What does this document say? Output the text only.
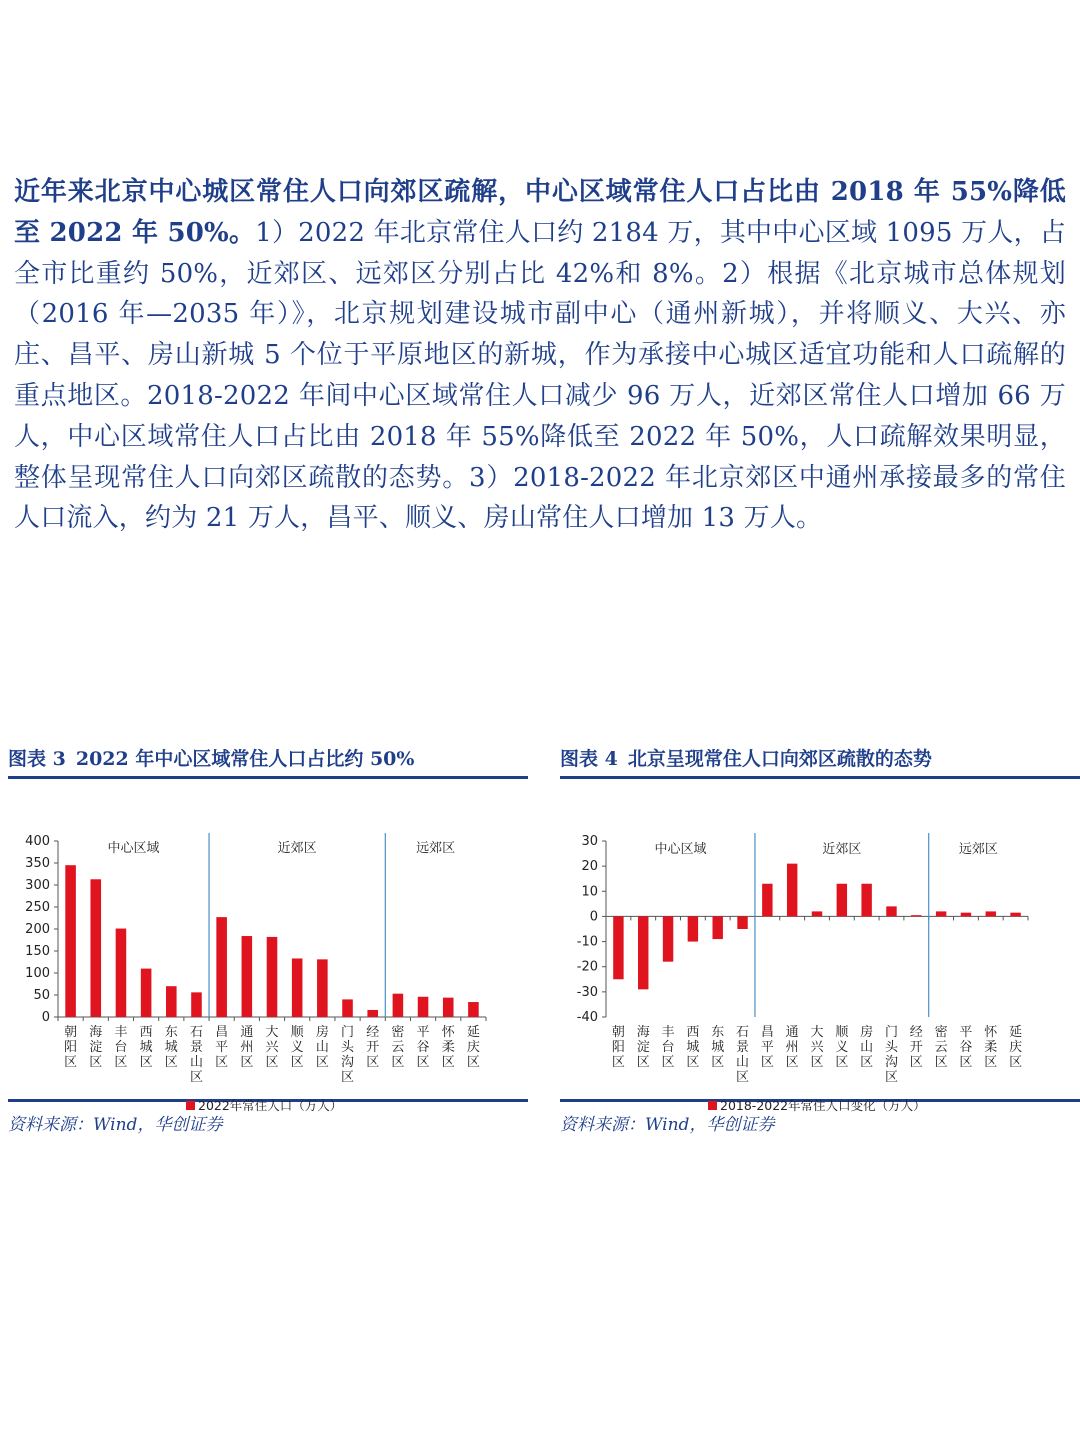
近年来北京中心城区常住人口向郊区疏解，中心区域常住人口占比由 2018 年 55%降低至 2022 年 50%。1）2022 年北京常住人口约 2184 万，其中中心区域 1095 万人，占全市比重约 50%，近郊区、远郊区分别占比 42%和 8%。2）根据《北京城市总体规划（2016 年—2035 年）》，北京规划建设城市副中心（通州新城），并将顺义、大兴、亦庄、昌平、房山新城 5 个位于平原地区的新城，作为承接中心城区适宜功能和人口疏解的重点地区。2018-2022 年间中心区域常住人口减少 96 万人，近郊区常住人口增加 66 万人，中心区域常住人口占比由 2018 年 55%降低至 2022 年 50%，人口疏解效果明显，整体呈现常住人口向郊区疏散的态势。3）2018-2022 年北京郊区中通州承接最多的常住人口流入，约为 21 万人，昌平、顺义、房山常住人口增加 13 万人。
图表 3 2022 年中心区域常住人口占比约 50%
0
50
100
150
200
250
300
350
400
朝阳区
海淀区
丰台区
西城区
东城区
石景山区
昌平区
通州区
大兴区
顺义区
房山区
门头沟区
经开区
密云区
平谷区
怀柔区
延庆区
中心区域	近郊区	远郊区
2022年常住人口（万人）
资料来源：Wind，华创证券
图表 4 北京呈现常住人口向郊区疏散的态势
-40
-30
-20
-10
0
10
20
30
朝阳区
海淀区
丰台区
西城区
东城区
石景山区
昌平区
通州区
大兴区
顺义区
房山区
门头沟区
经开区
密云区
平谷区
怀柔区
延庆区
中心区域	近郊区	远郊区
2018-2022年常住人口变化（万人）
资料来源：Wind，华创证券
